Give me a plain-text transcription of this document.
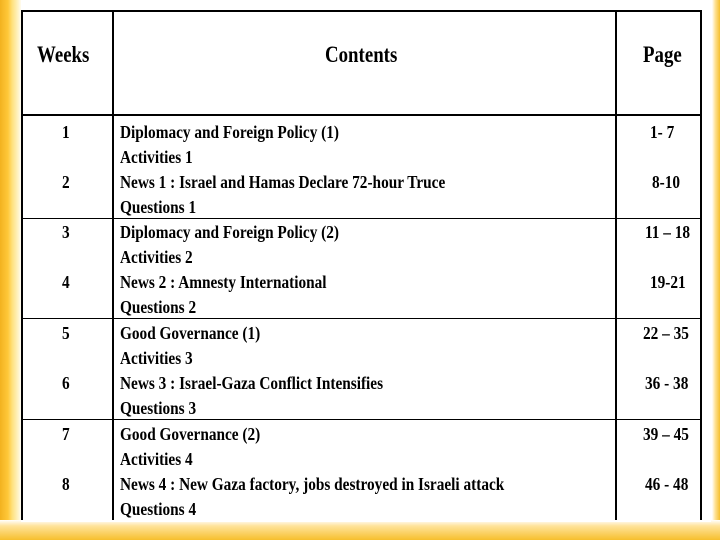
Weeks	Contents	Page
1
2
Diplomacy and Foreign Policy (1)
Activities 1
News 1 : Israel and Hamas Declare 72-hour Truce
Questions 1
1- 7
8-10
3
4
Diplomacy and Foreign Policy (2)
Activities 2
News 2 : Amnesty International
Questions 2
11 – 18
19-21
5
6
Good Governance (1)
Activities 3
News 3 : Israel-Gaza Conflict Intensifies
Questions 3
22 – 35
36 - 38
7
8
Good Governance (2)
Activities 4
News 4 : New Gaza factory, jobs destroyed in Israeli attack
Questions 4
39 – 45
46 - 48
